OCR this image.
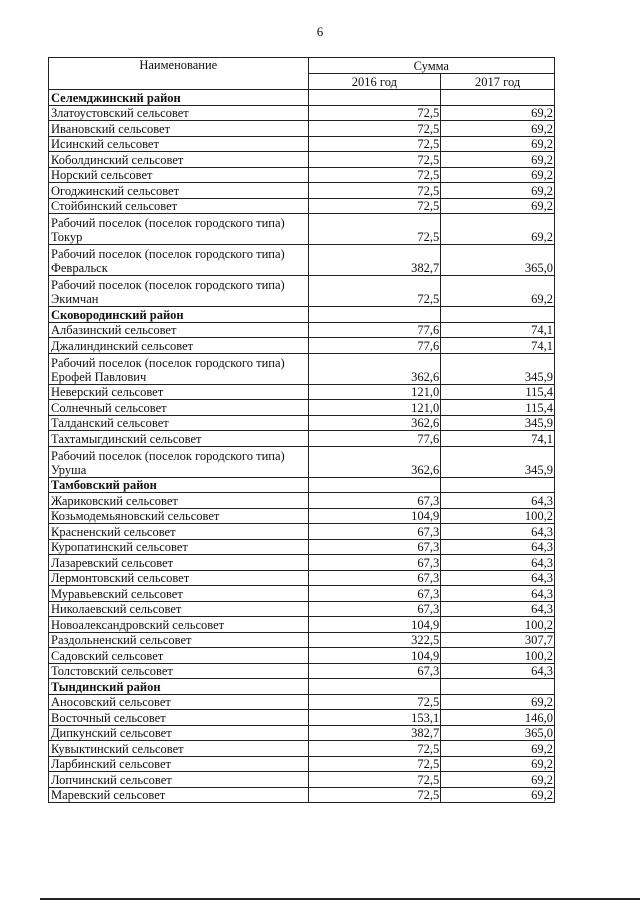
6
Наименование	Сумма	
	2016 год	2017 год
Селемджинский район		
Златоустовский сельсовет	72,5	69,2
Ивановский сельсовет	72,5	69,2
Исинский сельсовет	72,5	69,2
Коболдинский сельсовет	72,5	69,2
Норский сельсовет	72,5	69,2
Огоджинский сельсовет	72,5	69,2
Стойбинский сельсовет	72,5	69,2
Рабочий поселок (поселок городского типа) Токур	72,5	69,2
Рабочий поселок (поселок городского типа) Февральск	382,7	365,0
Рабочий поселок (поселок городского типа) Экимчан	72,5	69,2
Сковородинский район		
Албазинский сельсовет	77,6	74,1
Джалиндинский сельсовет	77,6	74,1
Рабочий поселок (поселок городского типа) Ерофей Павлович	362,6	345,9
Неверский сельсовет	121,0	115,4
Солнечный сельсовет	121,0	115,4
Талданский сельсовет	362,6	345,9
Тахтамыгдинский сельсовет	77,6	74,1
Рабочий поселок (поселок городского типа) Уруша	362,6	345,9
Тамбовский район		
Жариковский сельсовет	67,3	64,3
Козьмодемьяновский сельсовет	104,9	100,2
Красненский сельсовет	67,3	64,3
Куропатинский сельсовет	67,3	64,3
Лазаревский сельсовет	67,3	64,3
Лермонтовский сельсовет	67,3	64,3
Муравьевский сельсовет	67,3	64,3
Николаевский сельсовет	67,3	64,3
Новоалександровский сельсовет	104,9	100,2
Раздольненский сельсовет	322,5	307,7
Садовский сельсовет	104,9	100,2
Толстовский сельсовет	67,3	64,3
Тындинский район		
Аносовский сельсовет	72,5	69,2
Восточный сельсовет	153,1	146,0
Дипкунский сельсовет	382,7	365,0
Кувыктинский сельсовет	72,5	69,2
Ларбинский сельсовет	72,5	69,2
Лопчинский сельсовет	72,5	69,2
Маревский сельсовет	72,5	69,2
